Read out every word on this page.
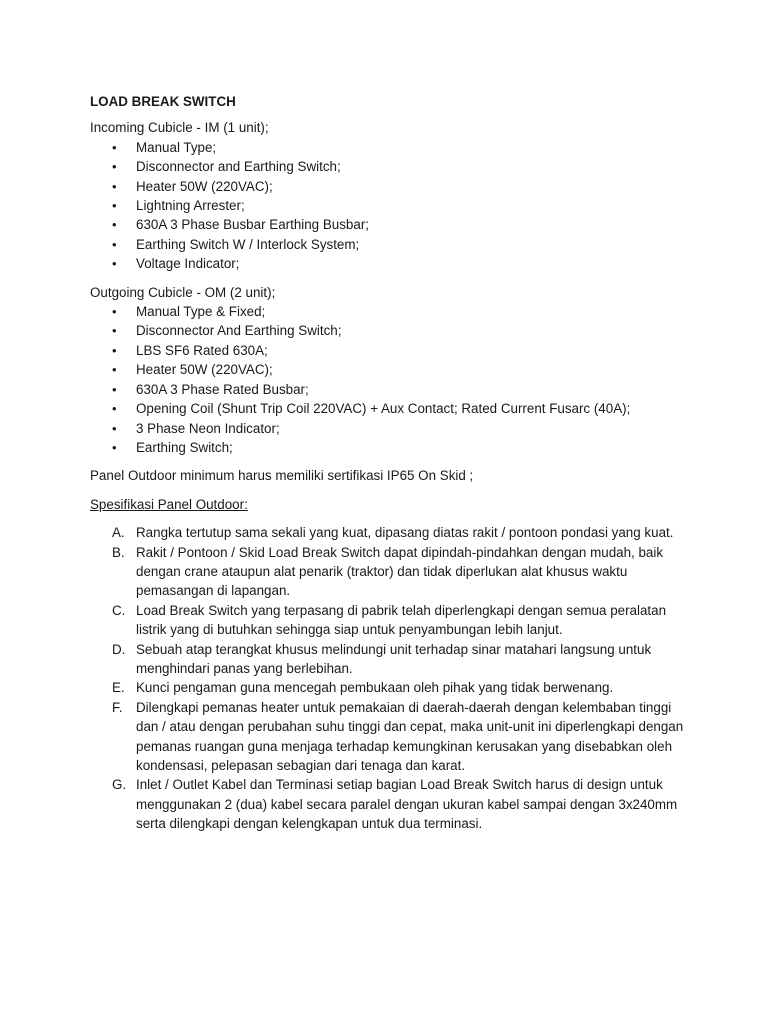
LOAD BREAK SWITCH

Incoming Cubicle - IM (1 unit);

• Manual Type;
• Disconnector and Earthing Switch;
• Heater 50W (220VAC);
• Lightning Arrester;
• 630A 3 Phase Busbar Earthing Busbar;
• Earthing Switch W / Interlock System;
• Voltage Indicator;

Outgoing Cubicle - OM (2 unit);

• Manual Type & Fixed;
• Disconnector And Earthing Switch;
• LBS SF6 Rated 630A;
• Heater 50W (220VAC);
• 630A 3 Phase Rated Busbar;
• Opening Coil (Shunt Trip Coil 220VAC) + Aux Contact; Rated Current Fusarc (40A);
• 3 Phase Neon Indicator;
• Earthing Switch;

Panel Outdoor minimum harus memiliki sertifikasi IP65 On Skid ;

Spesifikasi Panel Outdoor:

A. Rangka tertutup sama sekali yang kuat, dipasang diatas rakit / pontoon pondasi yang kuat.
B. Rakit / Pontoon / Skid Load Break Switch dapat dipindah-pindahkan dengan mudah, baik dengan crane ataupun alat penarik (traktor) dan tidak diperlukan alat khusus waktu pemasangan di lapangan.
C. Load Break Switch yang terpasang di pabrik telah diperlengkapi dengan semua peralatan listrik yang di butuhkan sehingga siap untuk penyambungan lebih lanjut.
D. Sebuah atap terangkat khusus melindungi unit terhadap sinar matahari langsung untuk menghindari panas yang berlebihan.
E. Kunci pengaman guna mencegah pembukaan oleh pihak yang tidak berwenang.
F. Dilengkapi pemanas heater untuk pemakaian di daerah-daerah dengan kelembaban tinggi dan / atau dengan perubahan suhu tinggi dan cepat, maka unit-unit ini diperlengkapi dengan pemanas ruangan guna menjaga terhadap kemungkinan kerusakan yang disebabkan oleh kondensasi, pelepasan sebagian dari tenaga dan karat.
G. Inlet / Outlet Kabel dan Terminasi setiap bagian Load Break Switch harus di design untuk menggunakan 2 (dua) kabel secara paralel dengan ukuran kabel sampai dengan 3x240mm serta dilengkapi dengan kelengkapan untuk dua terminasi.
